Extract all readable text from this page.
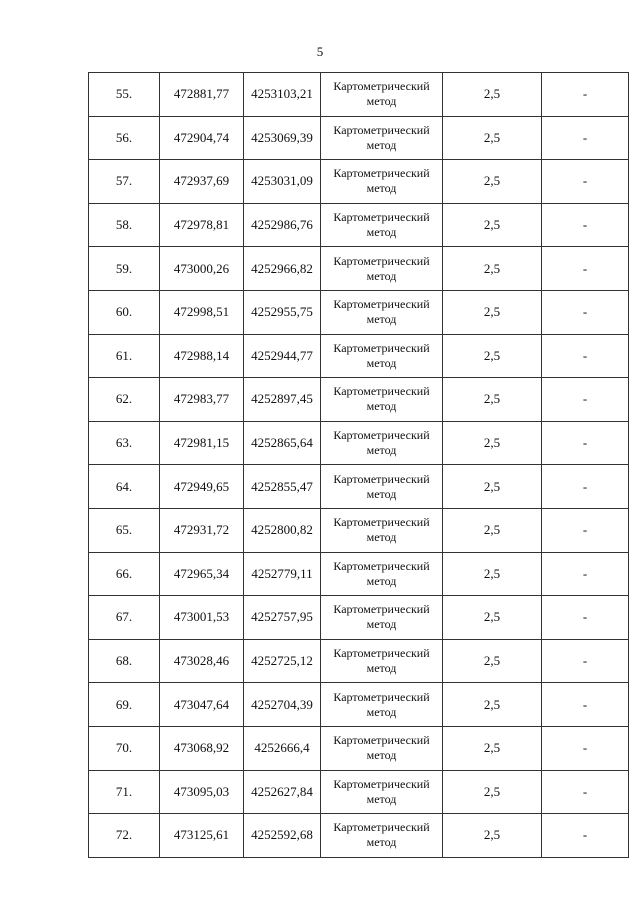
5
55.	472881,77	4253103,21	Картометрический метод	2,5	-
56.	472904,74	4253069,39	Картометрический метод	2,5	-
57.	472937,69	4253031,09	Картометрический метод	2,5	-
58.	472978,81	4252986,76	Картометрический метод	2,5	-
59.	473000,26	4252966,82	Картометрический метод	2,5	-
60.	472998,51	4252955,75	Картометрический метод	2,5	-
61.	472988,14	4252944,77	Картометрический метод	2,5	-
62.	472983,77	4252897,45	Картометрический метод	2,5	-
63.	472981,15	4252865,64	Картометрический метод	2,5	-
64.	472949,65	4252855,47	Картометрический метод	2,5	-
65.	472931,72	4252800,82	Картометрический метод	2,5	-
66.	472965,34	4252779,11	Картометрический метод	2,5	-
67.	473001,53	4252757,95	Картометрический метод	2,5	-
68.	473028,46	4252725,12	Картометрический метод	2,5	-
69.	473047,64	4252704,39	Картометрический метод	2,5	-
70.	473068,92	4252666,4	Картометрический метод	2,5	-
71.	473095,03	4252627,84	Картометрический метод	2,5	-
72.	473125,61	4252592,68	Картометрический метод	2,5	-
